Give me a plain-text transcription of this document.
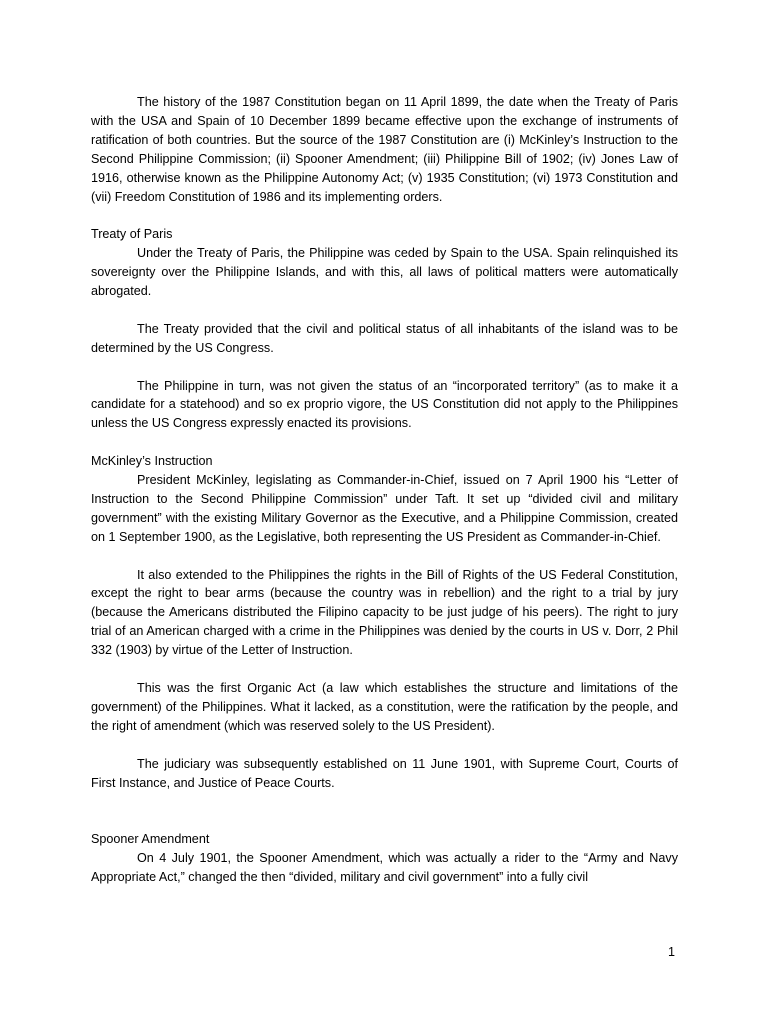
The history of the 1987 Constitution began on 11 April 1899, the date when the Treaty of Paris with the USA and Spain of 10 December 1899 became effective upon the exchange of instruments of ratification of both countries. But the source of the 1987 Constitution are (i) McKinley’s Instruction to the Second Philippine Commission; (ii) Spooner Amendment; (iii) Philippine Bill of 1902; (iv) Jones Law of 1916, otherwise known as the Philippine Autonomy Act; (v) 1935 Constitution; (vi) 1973 Constitution and (vii) Freedom Constitution of 1986 and its implementing orders.

Treaty of Paris

Under the Treaty of Paris, the Philippine was ceded by Spain to the USA. Spain relinquished its sovereignty over the Philippine Islands, and with this, all laws of political matters were automatically abrogated.

The Treaty provided that the civil and political status of all inhabitants of the island was to be determined by the US Congress.

The Philippine in turn, was not given the status of an “incorporated territory” (as to make it a candidate for a statehood) and so ex proprio vigore, the US Constitution did not apply to the Philippines unless the US Congress expressly enacted its provisions.

McKinley’s Instruction

President McKinley, legislating as Commander-in-Chief, issued on 7 April 1900 his “Letter of Instruction to the Second Philippine Commission” under Taft. It set up “divided civil and military government” with the existing Military Governor as the Executive, and a Philippine Commission, created on 1 September 1900, as the Legislative, both representing the US President as Commander-in-Chief.

It also extended to the Philippines the rights in the Bill of Rights of the US Federal Constitution, except the right to bear arms (because the country was in rebellion) and the right to a trial by jury (because the Americans distributed the Filipino capacity to be just judge of his peers). The right to jury trial of an American charged with a crime in the Philippines was denied by the courts in US v. Dorr, 2 Phil 332 (1903) by virtue of the Letter of Instruction.

This was the first Organic Act (a law which establishes the structure and limitations of the government) of the Philippines. What it lacked, as a constitution, were the ratification by the people, and the right of amendment (which was reserved solely to the US President).

The judiciary was subsequently established on 11 June 1901, with Supreme Court, Courts of First Instance, and Justice of Peace Courts.

Spooner Amendment

On 4 July 1901, the Spooner Amendment, which was actually a rider to the “Army and Navy Appropriate Act,” changed the then “divided, military and civil government” into a fully civil

1
